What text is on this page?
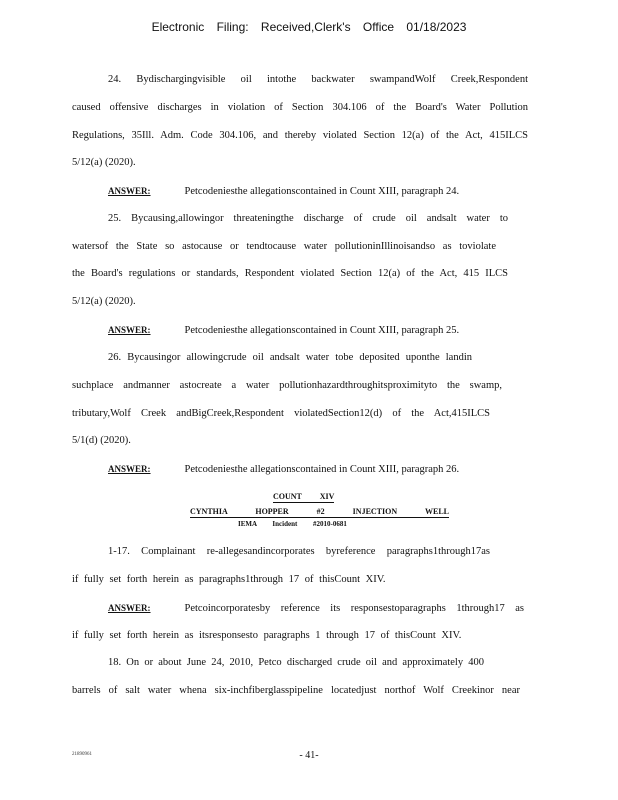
Electronic Filing: Received,Clerk's Office 01/18/2023
24. Bydischargingvisible oil intothe backwater swampandWolf Creek,Respondent
caused offensive discharges in violation of Section 304.106 of the Board's Water Pollution
Regulations, 35Ill. Adm. Code 304.106, and thereby violated Section 12(a) of the Act, 415ILCS
5/12(a) (2020).
ANSWER:	Petcodeniesthe allegationscontained in Count XIII, paragraph 24.
25. Bycausing,allowingor threateningthe discharge of crude oil andsalt water to
watersof the State so astocause or tendtocause water pollutioninIllinoisandso as toviolate
the Board's regulations or standards, Respondent violated Section 12(a) of the Act, 415 ILCS
5/12(a) (2020).
ANSWER:	Petcodeniesthe allegationscontained in Count XIII, paragraph 25.
26. Bycausingor allowingcrude oil andsalt water tobe deposited uponthe landin
suchplace andmanner astocreate a water pollutionhazardthroughitsproximityto the swamp,
tributary,Wolf Creek andBigCreek,Respondent violatedSection12(d) of the Act,415ILCS
5/1(d) (2020).
ANSWER:	Petcodeniesthe allegationscontained in Count XIII, paragraph 26.
COUNT XIV
CYNTHIA HOPPER #2 INJECTION WELL
IEMA Incident #2010-0681
1-17. Complainant re-allegesandincorporates byreference paragraphs1through17as
if fully set forth herein as paragraphs1through 17 of thisCount XIV.
ANSWER:	Petcoincorporatesby reference its responsestoparagraphs 1through17 as
if fully set forth herein as itsresponsesto paragraphs 1 through 17 of thisCount XIV.
18. On or about June 24, 2010, Petco discharged crude oil and approximately 400
barrels of salt water whena six-inchfiberglasspipeline locatedjust northof Wolf Creekinor near
21890961	- 41-
